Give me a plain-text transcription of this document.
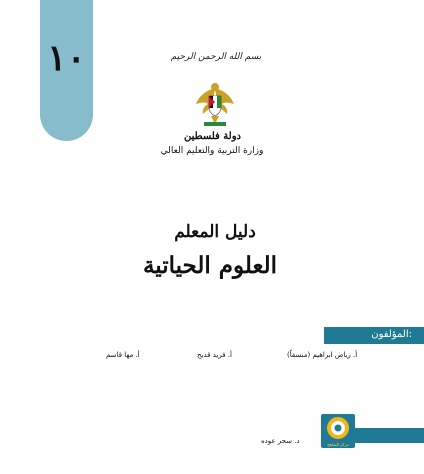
١٠	بسم الله الرحمن الرحيم
دولة فلسطين
وزارة التربية والتعليم العالي
دليل المعلم
العلوم الحياتية
المؤلفون:
أ. رياض ابراهيم (منسقاً)
أ. فريد قديح
أ. مها قاسم
مركز المناهج
د. سحر عوده
